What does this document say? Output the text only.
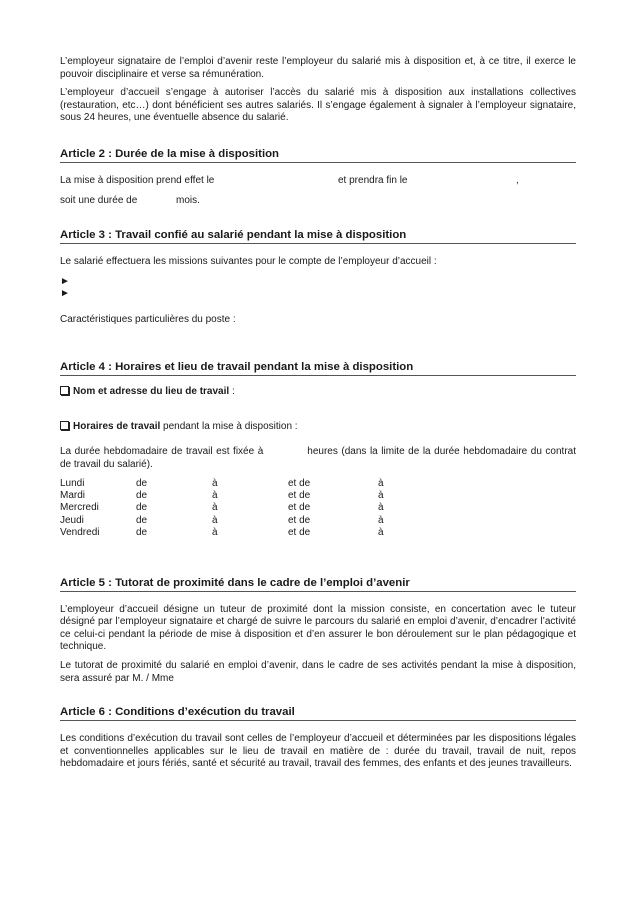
L’employeur signataire de l’emploi d’avenir reste l’employeur du salarié mis à disposition et, à ce titre, il exerce le pouvoir disciplinaire et verse sa rémunération.

L’employeur d’accueil s’engage à autoriser l’accès du salarié mis à disposition aux installations collectives (restauration, etc…) dont bénéficient ses autres salariés. Il s’engage également à signaler à l’employeur signataire, sous 24 heures, une éventuelle absence du salarié.

Article 2 : Durée de la mise à disposition
La mise à disposition prend effet le	et prendra fin le	,
soit une durée de	mois.
Article 3 : Travail confié au salarié pendant la mise à disposition

Le salarié effectuera les missions suivantes pour le compte de l’employeur d’accueil :

►
►

Caractéristiques particulières du poste :

Article 4 : Horaires et lieu de travail pendant la mise à disposition

Nom et adresse du lieu de travail :

Horaires de travail pendant la mise à disposition :

La durée hebdomadaire de travail est fixée à	heures (dans la limite de la durée hebdomadaire du contrat de travail du salarié).

Lundi	de	à	et de	à
Mardi	de	à	et de	à
Mercredi	de	à	et de	à
Jeudi	de	à	et de	à
Vendredi	de	à	et de	à
Article 5 : Tutorat de proximité dans le cadre de l’emploi d’avenir

L’employeur d’accueil désigne un tuteur de proximité dont la mission consiste, en concertation avec le tuteur désigné par l’employeur signataire et chargé de suivre le parcours du salarié en emploi d’avenir, d’encadrer l’activité ce celui-ci pendant la période de mise à disposition et d’en assurer le bon déroulement sur le plan pédagogique et technique.

Le tutorat de proximité du salarié en emploi d’avenir, dans le cadre de ses activités pendant la mise à disposition, sera assuré par M. / Mme

Article 6 : Conditions d’exécution du travail

Les conditions d’exécution du travail sont celles de l’employeur d’accueil et déterminées par les dispositions légales et conventionnelles applicables sur le lieu de travail en matière de : durée du travail, travail de nuit, repos hebdomadaire et jours fériés, santé et sécurité au travail, travail des femmes, des enfants et des jeunes travailleurs.
